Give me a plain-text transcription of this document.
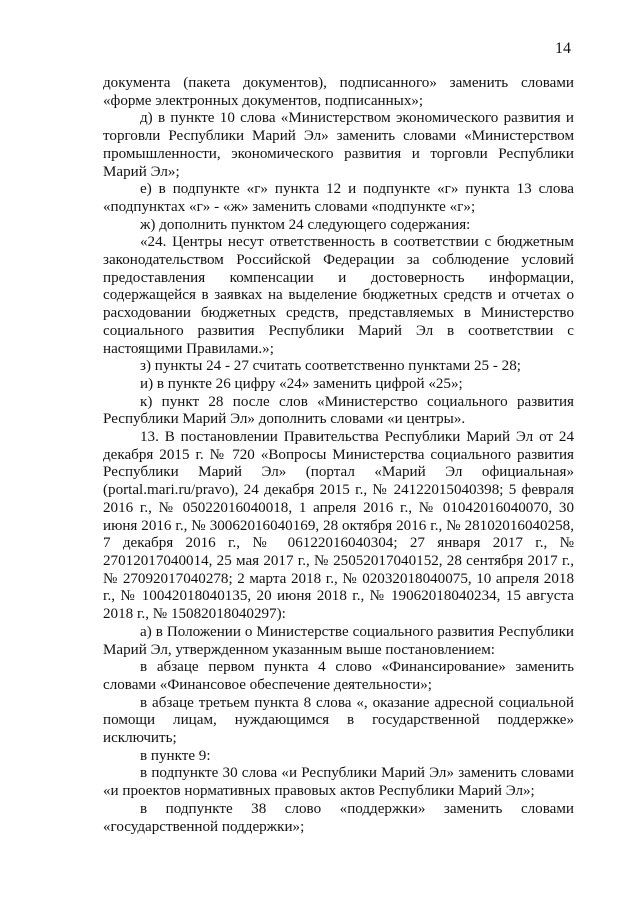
14

документа (пакета документов), подписанного» заменить словами «форме электронных документов, подписанных»;

д) в пункте 10 слова «Министерством экономического развития и торговли Республики Марий Эл» заменить словами «Министерством промышленности, экономического развития и торговли Республики Марий Эл»;

е) в подпункте «г» пункта 12 и подпункте «г» пункта 13 слова «подпунктах «г» - «ж» заменить словами «подпункте «г»;

ж) дополнить пунктом 24 следующего содержания:

«24. Центры несут ответственность в соответствии с бюджетным законодательством Российской Федерации за соблюдение условий предоставления компенсации и достоверность информации, содержащейся в заявках на выделение бюджетных средств и отчетах о расходовании бюджетных средств, представляемых в Министерство социального развития Республики Марий Эл в соответствии с настоящими Правилами.»;

з) пункты 24 - 27 считать соответственно пунктами 25 - 28;

и) в пункте 26 цифру «24» заменить цифрой «25»;

к) пункт 28 после слов «Министерство социального развития Республики Марий Эл» дополнить словами «и центры».

13. В постановлении Правительства Республики Марий Эл от 24 декабря 2015 г. № 720 «Вопросы Министерства социального развития Республики Марий Эл» (портал «Марий Эл официальная» (portal.mari.ru/pravo), 24 декабря 2015 г., № 24122015040398; 5 февраля 2016 г., № 05022016040018, 1 апреля 2016 г., № 01042016040070, 30 июня 2016 г., № 30062016040169, 28 октября 2016 г., № 28102016040258, 7 декабря 2016 г., № 06122016040304; 27 января 2017 г., № 27012017040014, 25 мая 2017 г., № 25052017040152, 28 сентября 2017 г., № 27092017040278; 2 марта 2018 г., № 02032018040075, 10 апреля 2018 г., № 10042018040135, 20 июня 2018 г., № 19062018040234, 15 августа 2018 г., № 15082018040297):

а) в Положении о Министерстве социального развития Республики Марий Эл, утвержденном указанным выше постановлением:

в абзаце первом пункта 4 слово «Финансирование» заменить словами «Финансовое обеспечение деятельности»;

в абзаце третьем пункта 8 слова «, оказание адресной социальной помощи лицам, нуждающимся в государственной поддержке» исключить;

в пункте 9:

в подпункте 30 слова «и Республики Марий Эл» заменить словами «и проектов нормативных правовых актов Республики Марий Эл»;

в подпункте 38 слово «поддержки» заменить словами «государственной поддержки»;
